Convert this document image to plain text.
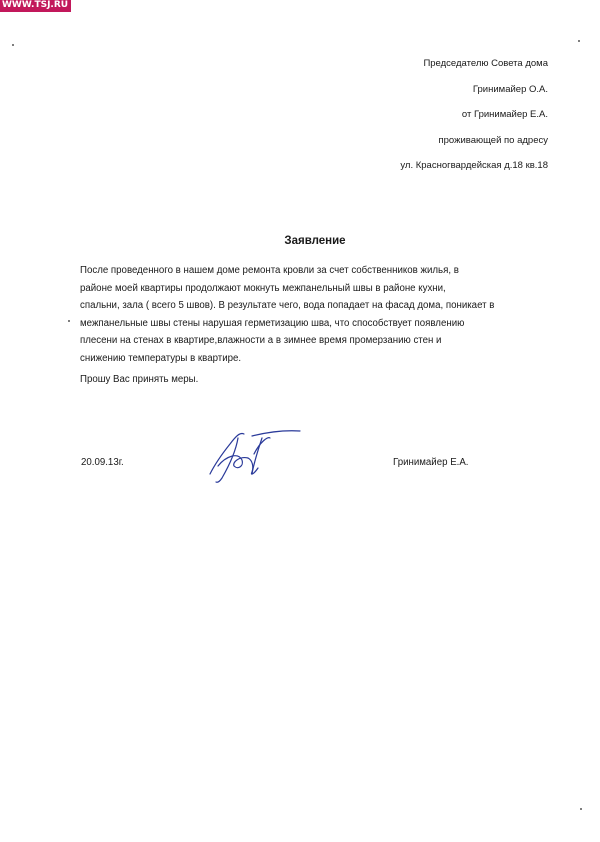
WWW.TSJ.RU
Председателю Совета дома
Гринимайер О.А.
от Гринимайер Е.А.
проживающей по адресу
ул. Красногвардейская д.18 кв.18
Заявление
После проведенного в нашем доме ремонта кровли за счет собственников жилья, в
районе моей квартиры продолжают мокнуть межпанельный швы в районе кухни,
спальни, зала ( всего 5 швов). В результате чего, вода попадает на фасад дома, поникает в
межпанельные швы стены нарушая герметизацию шва, что способствует появлению
плесени на стенах в квартире,влажности а в зимнее время промерзанию стен и
снижению температуры в квартире.
Прошу Вас принять меры.
20.09.13г.	Гринимайер Е.А.
